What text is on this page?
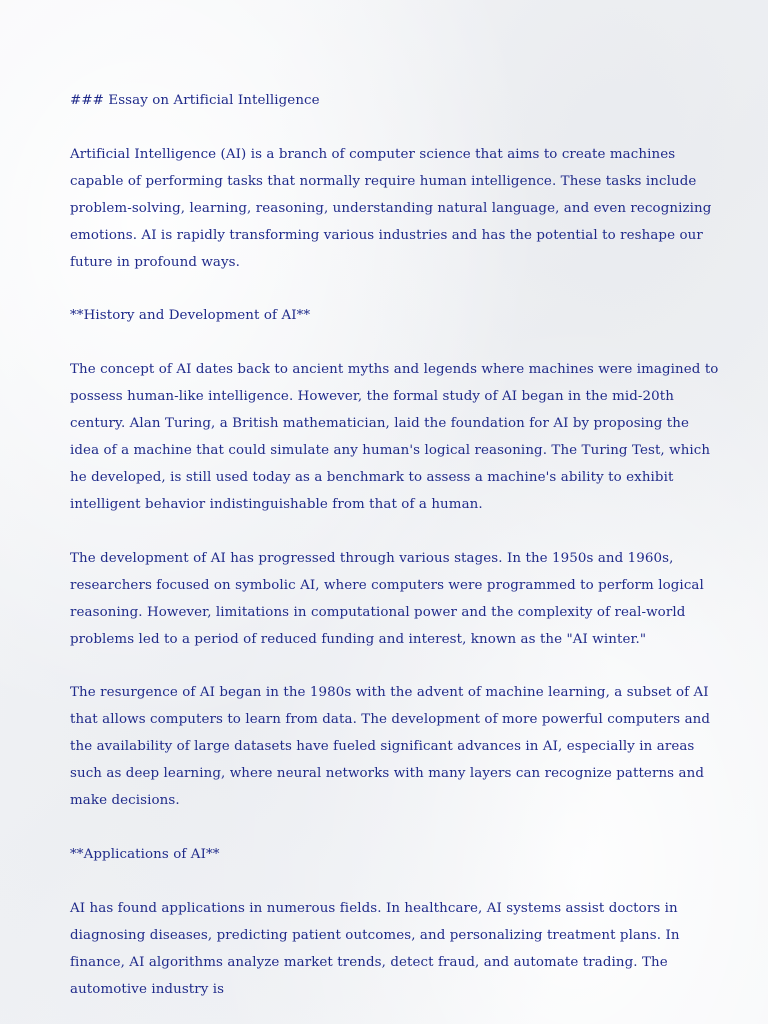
### Essay on Artificial Intelligence

Artificial Intelligence (AI) is a branch of computer science that aims to create machines capable of performing tasks that normally require human intelligence. These tasks include problem-solving, learning, reasoning, understanding natural language, and even recognizing emotions. AI is rapidly transforming various industries and has the potential to reshape our future in profound ways.

**History and Development of AI**

The concept of AI dates back to ancient myths and legends where machines were imagined to possess human-like intelligence. However, the formal study of AI began in the mid-20th century. Alan Turing, a British mathematician, laid the foundation for AI by proposing the idea of a machine that could simulate any human's logical reasoning. The Turing Test, which he developed, is still used today as a benchmark to assess a machine's ability to exhibit intelligent behavior indistinguishable from that of a human.

The development of AI has progressed through various stages. In the 1950s and 1960s, researchers focused on symbolic AI, where computers were programmed to perform logical reasoning. However, limitations in computational power and the complexity of real-world problems led to a period of reduced funding and interest, known as the "AI winter."

The resurgence of AI began in the 1980s with the advent of machine learning, a subset of AI that allows computers to learn from data. The development of more powerful computers and the availability of large datasets have fueled significant advances in AI, especially in areas such as deep learning, where neural networks with many layers can recognize patterns and make decisions.

**Applications of AI**

AI has found applications in numerous fields. In healthcare, AI systems assist doctors in diagnosing diseases, predicting patient outcomes, and personalizing treatment plans. In finance, AI algorithms analyze market trends, detect fraud, and automate trading. The automotive industry is
